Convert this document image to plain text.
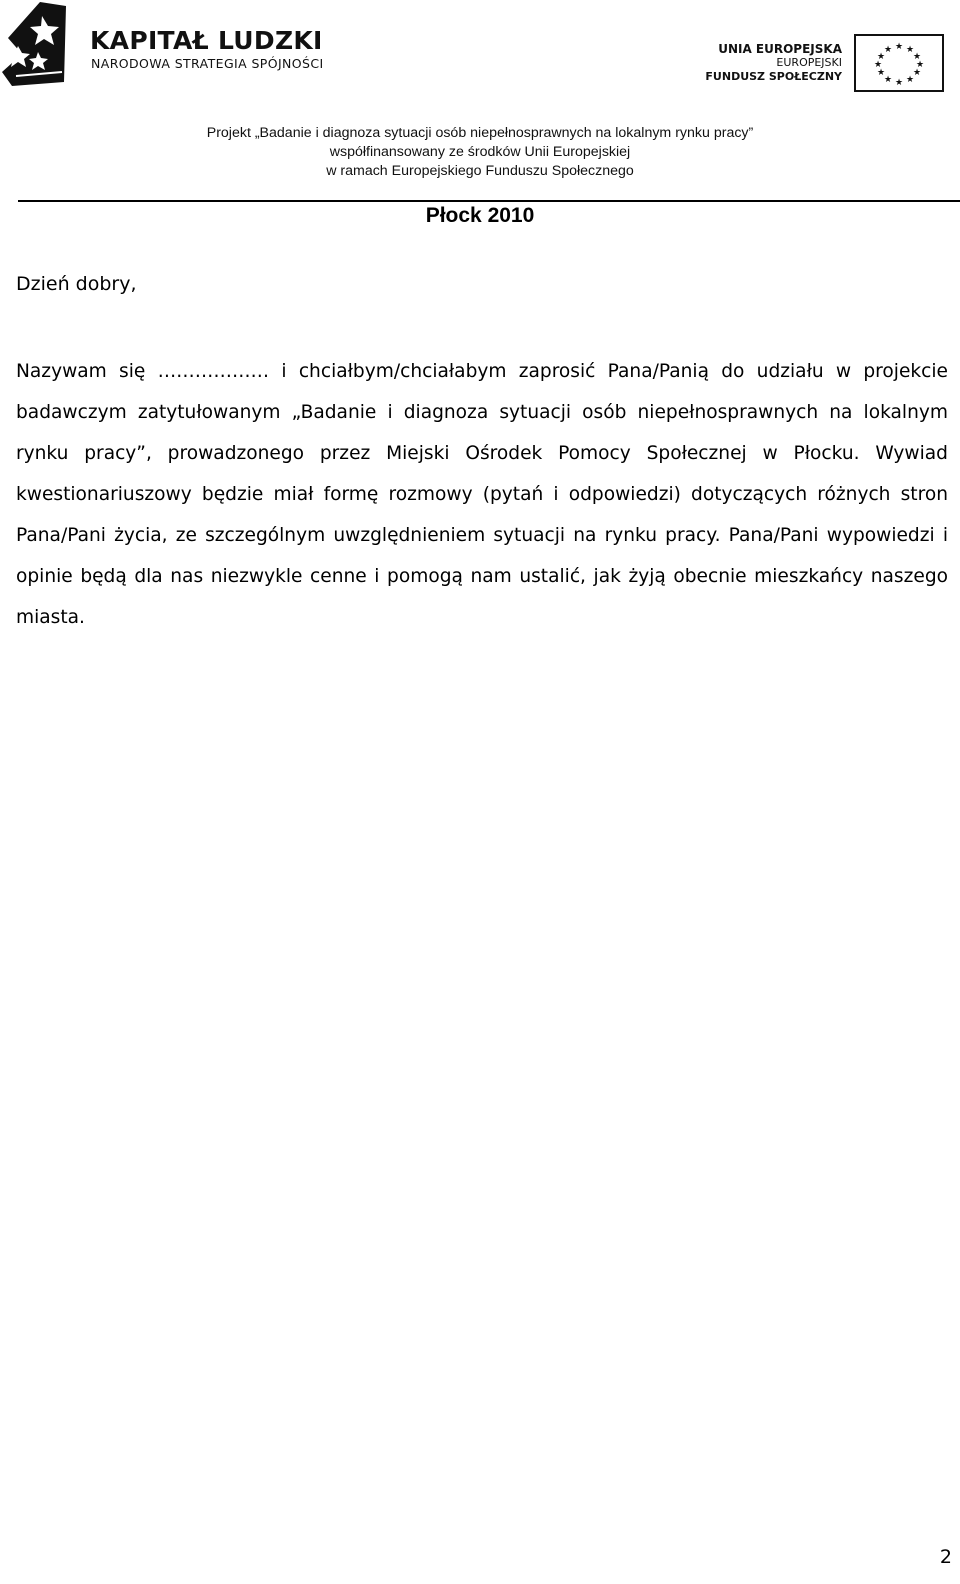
KAPITAŁ LUDZKI
NARODOWA STRATEGIA SPÓJNOŚCI
UNIA EUROPEJSKA
EUROPEJSKI
FUNDUSZ SPOŁECZNY
★ ★
★
★
★
★
★
★
★
★
★
★
Projekt „Badanie i diagnoza sytuacji osób niepełnosprawnych na lokalnym rynku pracy”
współfinansowany ze środków Unii Europejskiej
w ramach Europejskiego Funduszu Społecznego
Płock 2010
Dzień dobry,
Nazywam się ……………… i chciałbym/chciałabym zaprosić Pana/Panią do udziału w projekcie badawczym zatytułowanym „Badanie i diagnoza sytuacji osób niepełnosprawnych na lokalnym rynku pracy”, prowadzonego przez Miejski Ośrodek Pomocy Społecznej w Płocku. Wywiad kwestionariuszowy będzie miał formę rozmowy (pytań i odpowiedzi) dotyczących różnych stron Pana/Pani życia, ze szczególnym uwzględnieniem sytuacji na rynku pracy. Pana/Pani wypowiedzi i opinie będą dla nas niezwykle cenne i pomogą nam ustalić, jak żyją obecnie mieszkańcy naszego miasta.
2
